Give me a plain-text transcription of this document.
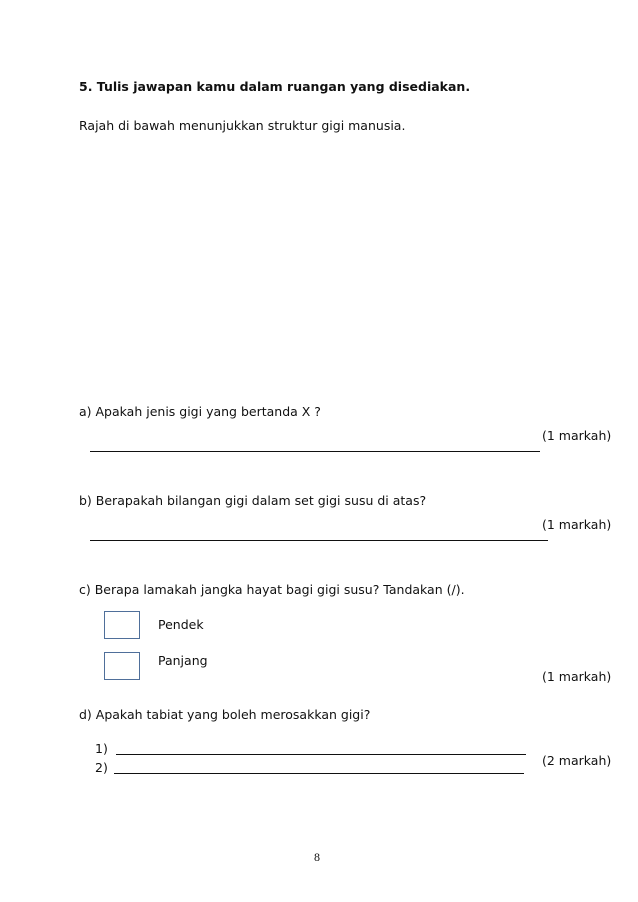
5. Tulis jawapan kamu dalam ruangan yang disediakan.
Rajah di bawah menunjukkan struktur gigi manusia.
a) Apakah jenis gigi yang bertanda X ?
(1 markah)
b) Berapakah bilangan gigi dalam set gigi susu di atas?
(1 markah)
c) Berapa lamakah jangka hayat bagi gigi susu? Tandakan (/).
Pendek
Panjang
(1 markah)
d) Apakah tabiat yang boleh merosakkan gigi?
1)
2)	(2 markah)
8
